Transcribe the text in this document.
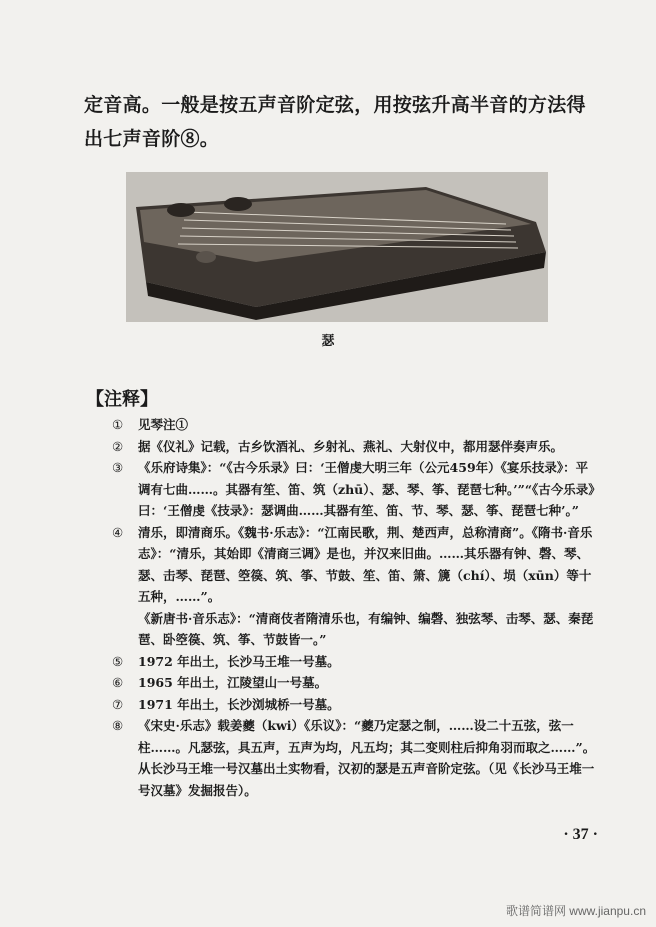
定音高。一般是按五声音阶定弦，用按弦升高半音的方法得出七声音阶⑧。

瑟
【注释】
① 见琴注①

② 据《仪礼》记载，古乡饮酒礼、乡射礼、燕礼、大射仪中，都用瑟伴奏声乐。

③ 《乐府诗集》：“《古今乐录》曰：‘王僧虔大明三年（公元459年）《宴乐技录》：平调有七曲……。其器有笙、笛、筑（zhū）、瑟、琴、筝、琵琶七种。’”“《古今乐录》曰：‘王僧虔《技录》：瑟调曲……其器有笙、笛、节、琴、瑟、筝、琵琶七种’。”

④ 清乐，即清商乐。《魏书·乐志》：“江南民歌，荆、楚西声，总称清商”。《隋书·音乐志》：“清乐，其始即《清商三调》是也，并汉来旧曲。……其乐器有钟、磬、琴、瑟、击琴、琵琶、箜篌、筑、筝、节鼓、笙、笛、箫、篪（chí）、埙（xūn）等十五种，……”。

《新唐书·音乐志》：“清商伎者隋清乐也，有编钟、编磬、独弦琴、击琴、瑟、秦琵琶、卧箜篌、筑、筝、节鼓皆一。”

⑤ 1972 年出土，长沙马王堆一号墓。

⑥ 1965 年出土，江陵望山一号墓。

⑦ 1971 年出土，长沙浏城桥一号墓。

⑧ 《宋史·乐志》载姜夔（kwi）《乐议》：“夔乃定瑟之制，……设二十五弦，弦一柱……。凡瑟弦，具五声，五声为均，凡五均；其二变则柱后抑角羽而取之……”。

从长沙马王堆一号汉墓出土实物看，汉初的瑟是五声音阶定弦。（见《长沙马王堆一号汉墓》发掘报告）。

· 37 ·
歌谱简谱网 www.jianpu.cn
